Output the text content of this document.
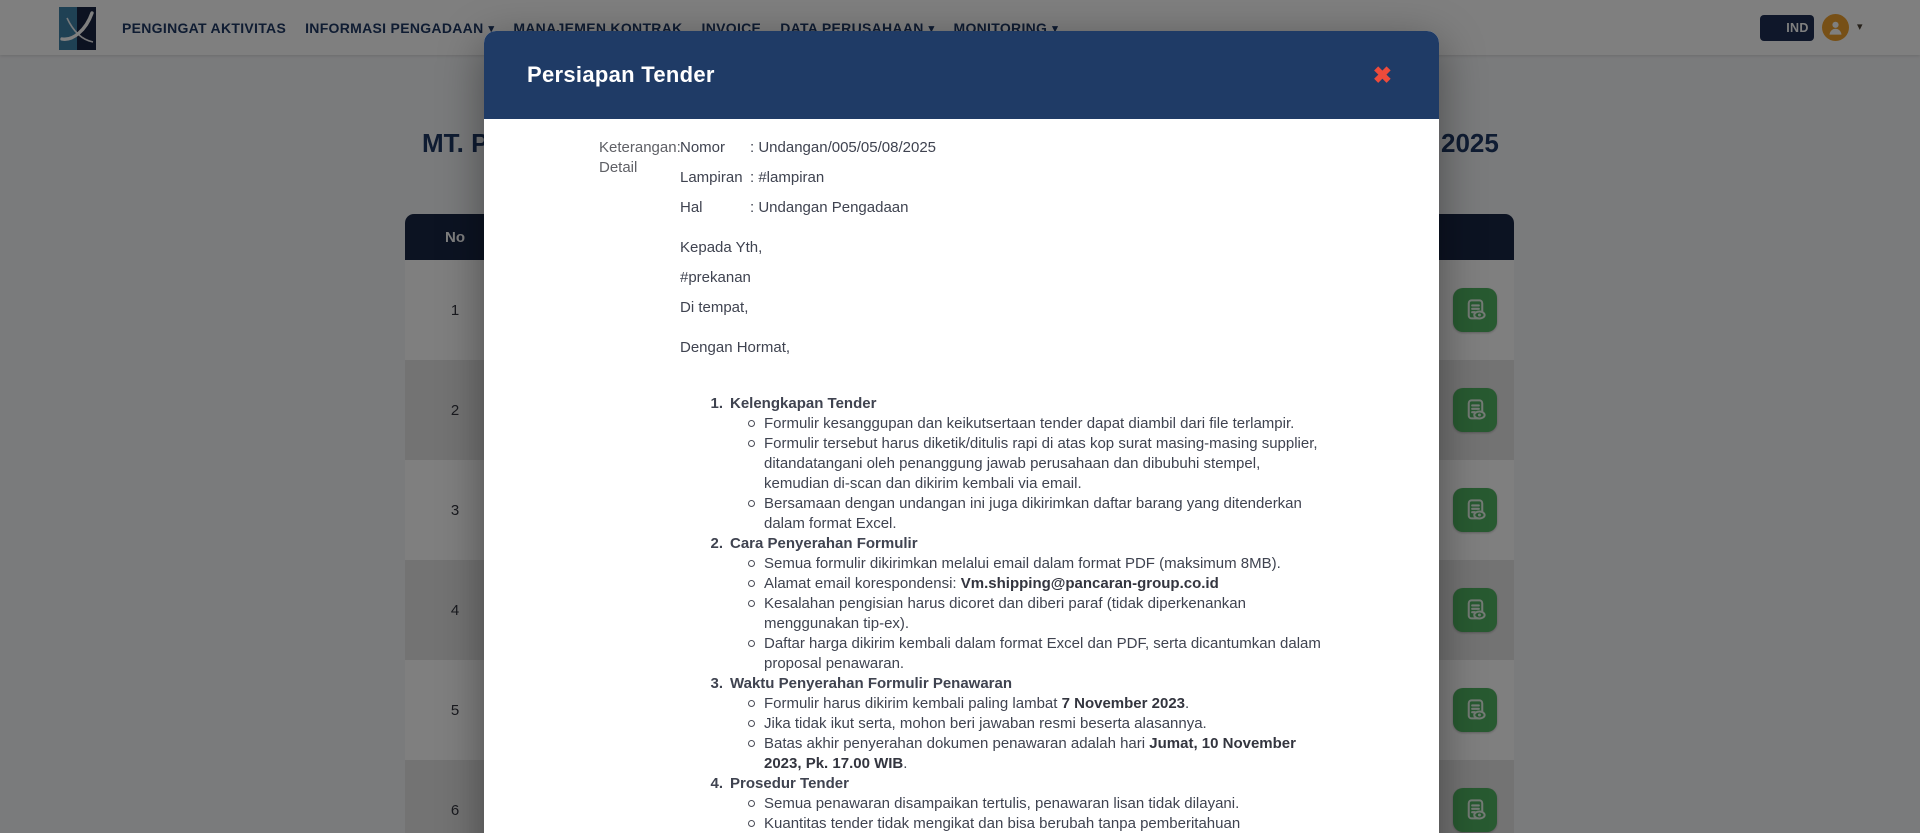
Persiapan Tender	✖
Keterangan: Detail
Nomor	: Undangan/005/05/08/2025
Lampiran : #lampiran
Hal	: Undangan Pengadaan

Kepada Yth,

#prekanan

Di tempat,

Dengan Hormat,

1. Kelengkapan Tender
Formulir kesanggupan dan keikutsertaan tender dapat diambil dari file terlampir.
Formulir tersebut harus diketik/ditulis rapi di atas kop surat masing-masing supplier, ditandatangani oleh penanggung jawab perusahaan dan dibubuhi stempel, kemudian di-scan dan dikirim kembali via email.
Bersamaan dengan undangan ini juga dikirimkan daftar barang yang ditenderkan dalam format Excel.
2. Cara Penyerahan Formulir
Semua formulir dikirimkan melalui email dalam format PDF (maksimum 8MB).
Alamat email korespondensi: Vm.shipping@pancaran-group.co.id
Kesalahan pengisian harus dicoret dan diberi paraf (tidak diperkenankan menggunakan tip-ex).
Daftar harga dikirim kembali dalam format Excel dan PDF, serta dicantumkan dalam proposal penawaran.
3. Waktu Penyerahan Formulir Penawaran
Formulir harus dikirim kembali paling lambat 7 November 2023.
Jika tidak ikut serta, mohon beri jawaban resmi beserta alasannya.
Batas akhir penyerahan dokumen penawaran adalah hari Jumat, 10 November 2023, Pk. 17.00 WIB.
4. Prosedur Tender
Semua penawaran disampaikan tertulis, penawaran lisan tidak dilayani.
Kuantitas tender tidak mengikat dan bisa berubah tanpa pemberitahuan
